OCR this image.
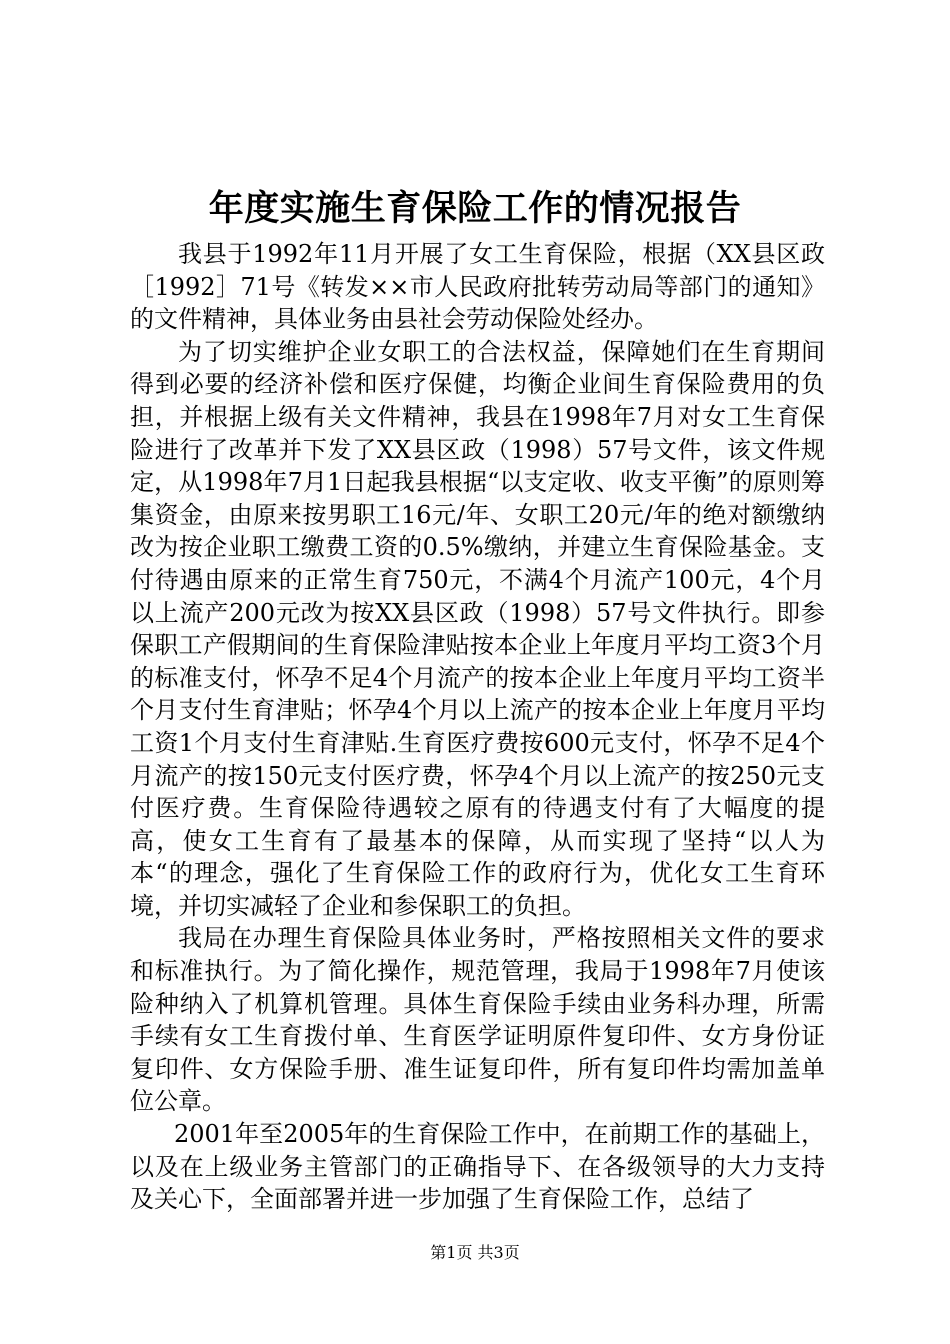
年度实施生育保险工作的情况报告

我县于1992年11月开展了女工生育保险，根据（XX县区政［1992］71号《转发××市人民政府批转劳动局等部门的通知》的文件精神，具体业务由县社会劳动保险处经办。

为了切实维护企业女职工的合法权益，保障她们在生育期间得到必要的经济补偿和医疗保健，均衡企业间生育保险费用的负担，并根据上级有关文件精神，我县在1998年7月对女工生育保险进行了改革并下发了XX县区政（1998）57号文件，该文件规定，从1998年7月1日起我县根据“以支定收、收支平衡”的原则筹集资金，由原来按男职工16元/年、女职工20元/年的绝对额缴纳改为按企业职工缴费工资的0.5%缴纳，并建立生育保险基金。支付待遇由原来的正常生育750元，不满4个月流产100元，4个月以上流产200元改为按XX县区政（1998）57号文件执行。即参保职工产假期间的生育保险津贴按本企业上年度月平均工资3个月的标准支付，怀孕不足4个月流产的按本企业上年度月平均工资半个月支付生育津贴；怀孕4个月以上流产的按本企业上年度月平均工资1个月支付生育津贴.生育医疗费按600元支付，怀孕不足4个月流产的按150元支付医疗费，怀孕4个月以上流产的按250元支付医疗费。生育保险待遇较之原有的待遇支付有了大幅度的提高，使女工生育有了最基本的保障，从而实现了坚持“以人为本“的理念，强化了生育保险工作的政府行为，优化女工生育环境，并切实减轻了企业和参保职工的负担。

我局在办理生育保险具体业务时，严格按照相关文件的要求和标准执行。为了简化操作，规范管理，我局于1998年7月使该险种纳入了机算机管理。具体生育保险手续由业务科办理，所需手续有女工生育拨付单、生育医学证明原件复印件、女方身份证复印件、女方保险手册、准生证复印件，所有复印件均需加盖单位公章。

2001年至2005年的生育保险工作中，在前期工作的基础上，以及在上级业务主管部门的正确指导下、在各级领导的大力支持及关心下，全面部署并进一步加强了生育保险工作，总结了

第1页 共3页
